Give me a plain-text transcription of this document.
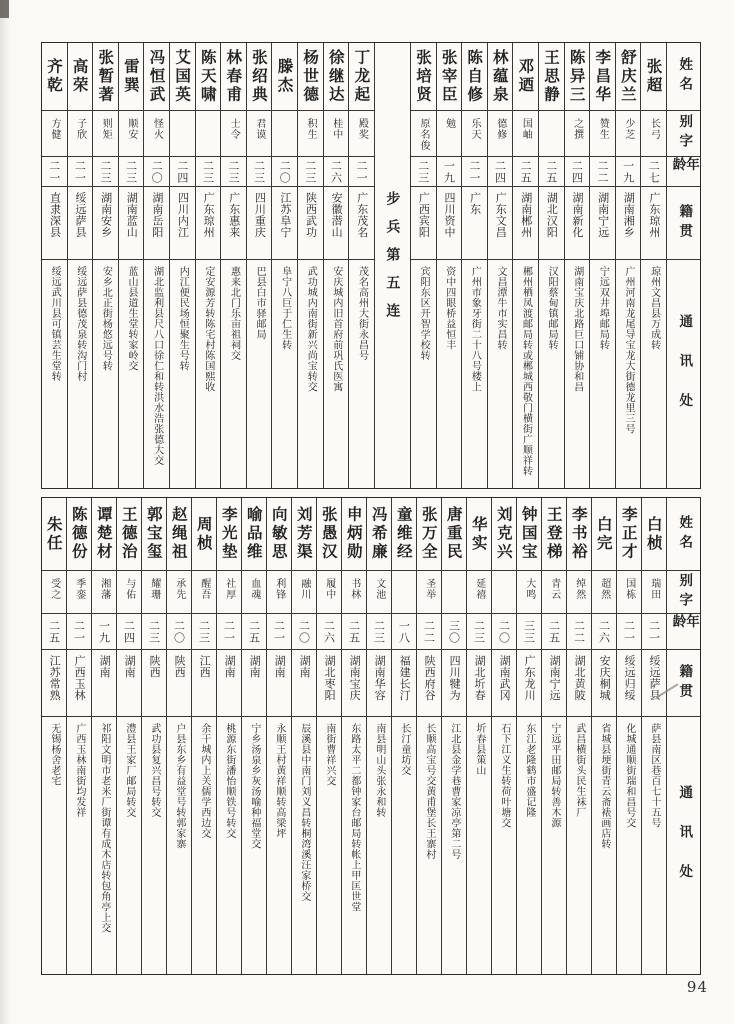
姓名
别字
年龄
籍贯
通讯处
张超
长弓
二七
广东琼州
琼州文昌县万成转
舒庆兰
少芝
一九
湖南湘乡
广州河南龙尾导宝龙大街德龙里三号
李昌华
赞生
二二
湖南宁远
宁远双井埠邮局转
陈异三
之撰
二四
湖南新化
湖南宝庆北路巨口铺协和昌
王思静
二五
湖北汉阳
汉阳蔡甸镇邮局转
邓迺
国岫
二五
湖南郴州
郴州栖凤渡邮局转或郴城西敬门横街广顺祥转
林蕴泉
德修
二四
广东文昌
文昌潭牛市实昌转
陈自修
乐天
二一
广东
广州市象牙街二十八号楼上
张宰臣
勉
一九
四川资中
资中四眼桥益恒丰
张培贤
原名俊
二三
广西宾阳
宾阳东区开智学校转
步兵第五连
丁龙起
殿奖
二一
广东茂名
茂名高州大街永昌号
徐继达
桂中
二六
安徽潜山
安庆城内旧首府前巩氏医寓
杨世德
积生
二三
陕西武功
武功城内南街新兴尚宝转交
滕杰
二〇
江苏阜宁
阜宁八巨于仁生转
张绍典
君谟
二三
四川重庆
巴县白市驿邮局
林春甫
士令
二三
广东惠来
惠来北门乐亩祖祠交
陈天啸
二三
广东琼州
定安源芳转陈宅村陈国熙收
艾国英
二四
四川内江
内江便民场恒聚生号转
冯恒武
怪火
二〇
湖南岳阳
湖北监利县尺八口徐仁和转洪水浩张德大交
雷巽
顺安
二三
湖南蓝山
蓝山县道生堂转家岭交
张暂著
则矩
二三
湖南安乡
安乡北正街杨悠远号转
高荣
子欣
二一
绥远萨县
绥远萨县德茂泉转沟门村
齐乾
方健
二一
直隶深县
绥远武川县可镇芸生堂转
姓名
别字
年龄
籍贯
通讯处
白桢
瑞田
二一
绥远萨县
萨县南区巷百七十五号
李正才
国栋
二一
绥远归绥
化城通顺街瑞和昌号交
白完
超然
二六
安庆桐城
省城县埂街青云斋裱画店转
李书裕
绰然
二二
湖北黄陂
武昌横街头民生袜厂
王登梯
青云
二五
湖南宁远
宁远平田邮局转善木源
钟国宝
大鸣
三三
广东龙川
东江老隆鹤市盛记隆
刘克兴
二〇
湖南武冈
石下江义生转荷叶塘交
华实
延禧
二三
湖北圻春
圻春县策山
唐重民
三〇
四川犍为
江北县金学巷曹家凉亭第二号
张万全
圣举
二二
陕西府谷
长顺高宝号交黄甫堡长王寨村
童维经
一八
福建长汀
长汀童坊交
冯希廉
文池
二三
湖南华容
南县明山头张永和转
申炳勋
书林
二五
湖南宝庆
东路太平二都钟家台邮局转帐上甲匡世堂
张愚汉
履中
二六
湖北枣阳
南街曹祥兴交
刘芳渠
融川
二〇
湖南
辰溪县中南门刘义昌转桐湾溪汪家桥交
向敏思
利锋
二一
湖南
永顺王村黄祥顺转高梁坪
喻品维
血魂
二五
湖南
宁乡汤泉乡灰汤喻种福堂交
李光垫
社厚
二一
湖南
桃源东街潘怡顺铁号转交
周桢
醒吾
二三
江西
余干城内上关儒学西边交
赵绳祖
承先
二〇
陕西
户县东乡有益堂号转郭家寨
郭宝玺
耀珊
二三
陕西
武功县复兴昌号转交
王德治
与佑
二四
湖南
澧县王家厂邮局转交
谭楚材
湘藩
一九
湖南
祁阳文明市老米厂街谭有成木店转包角亭上交
陈德份
季銮
二一
广西玉林
广西玉林南街均发祥
朱任
受之
二五
江苏常熟
无锡杨舍老宅
94
